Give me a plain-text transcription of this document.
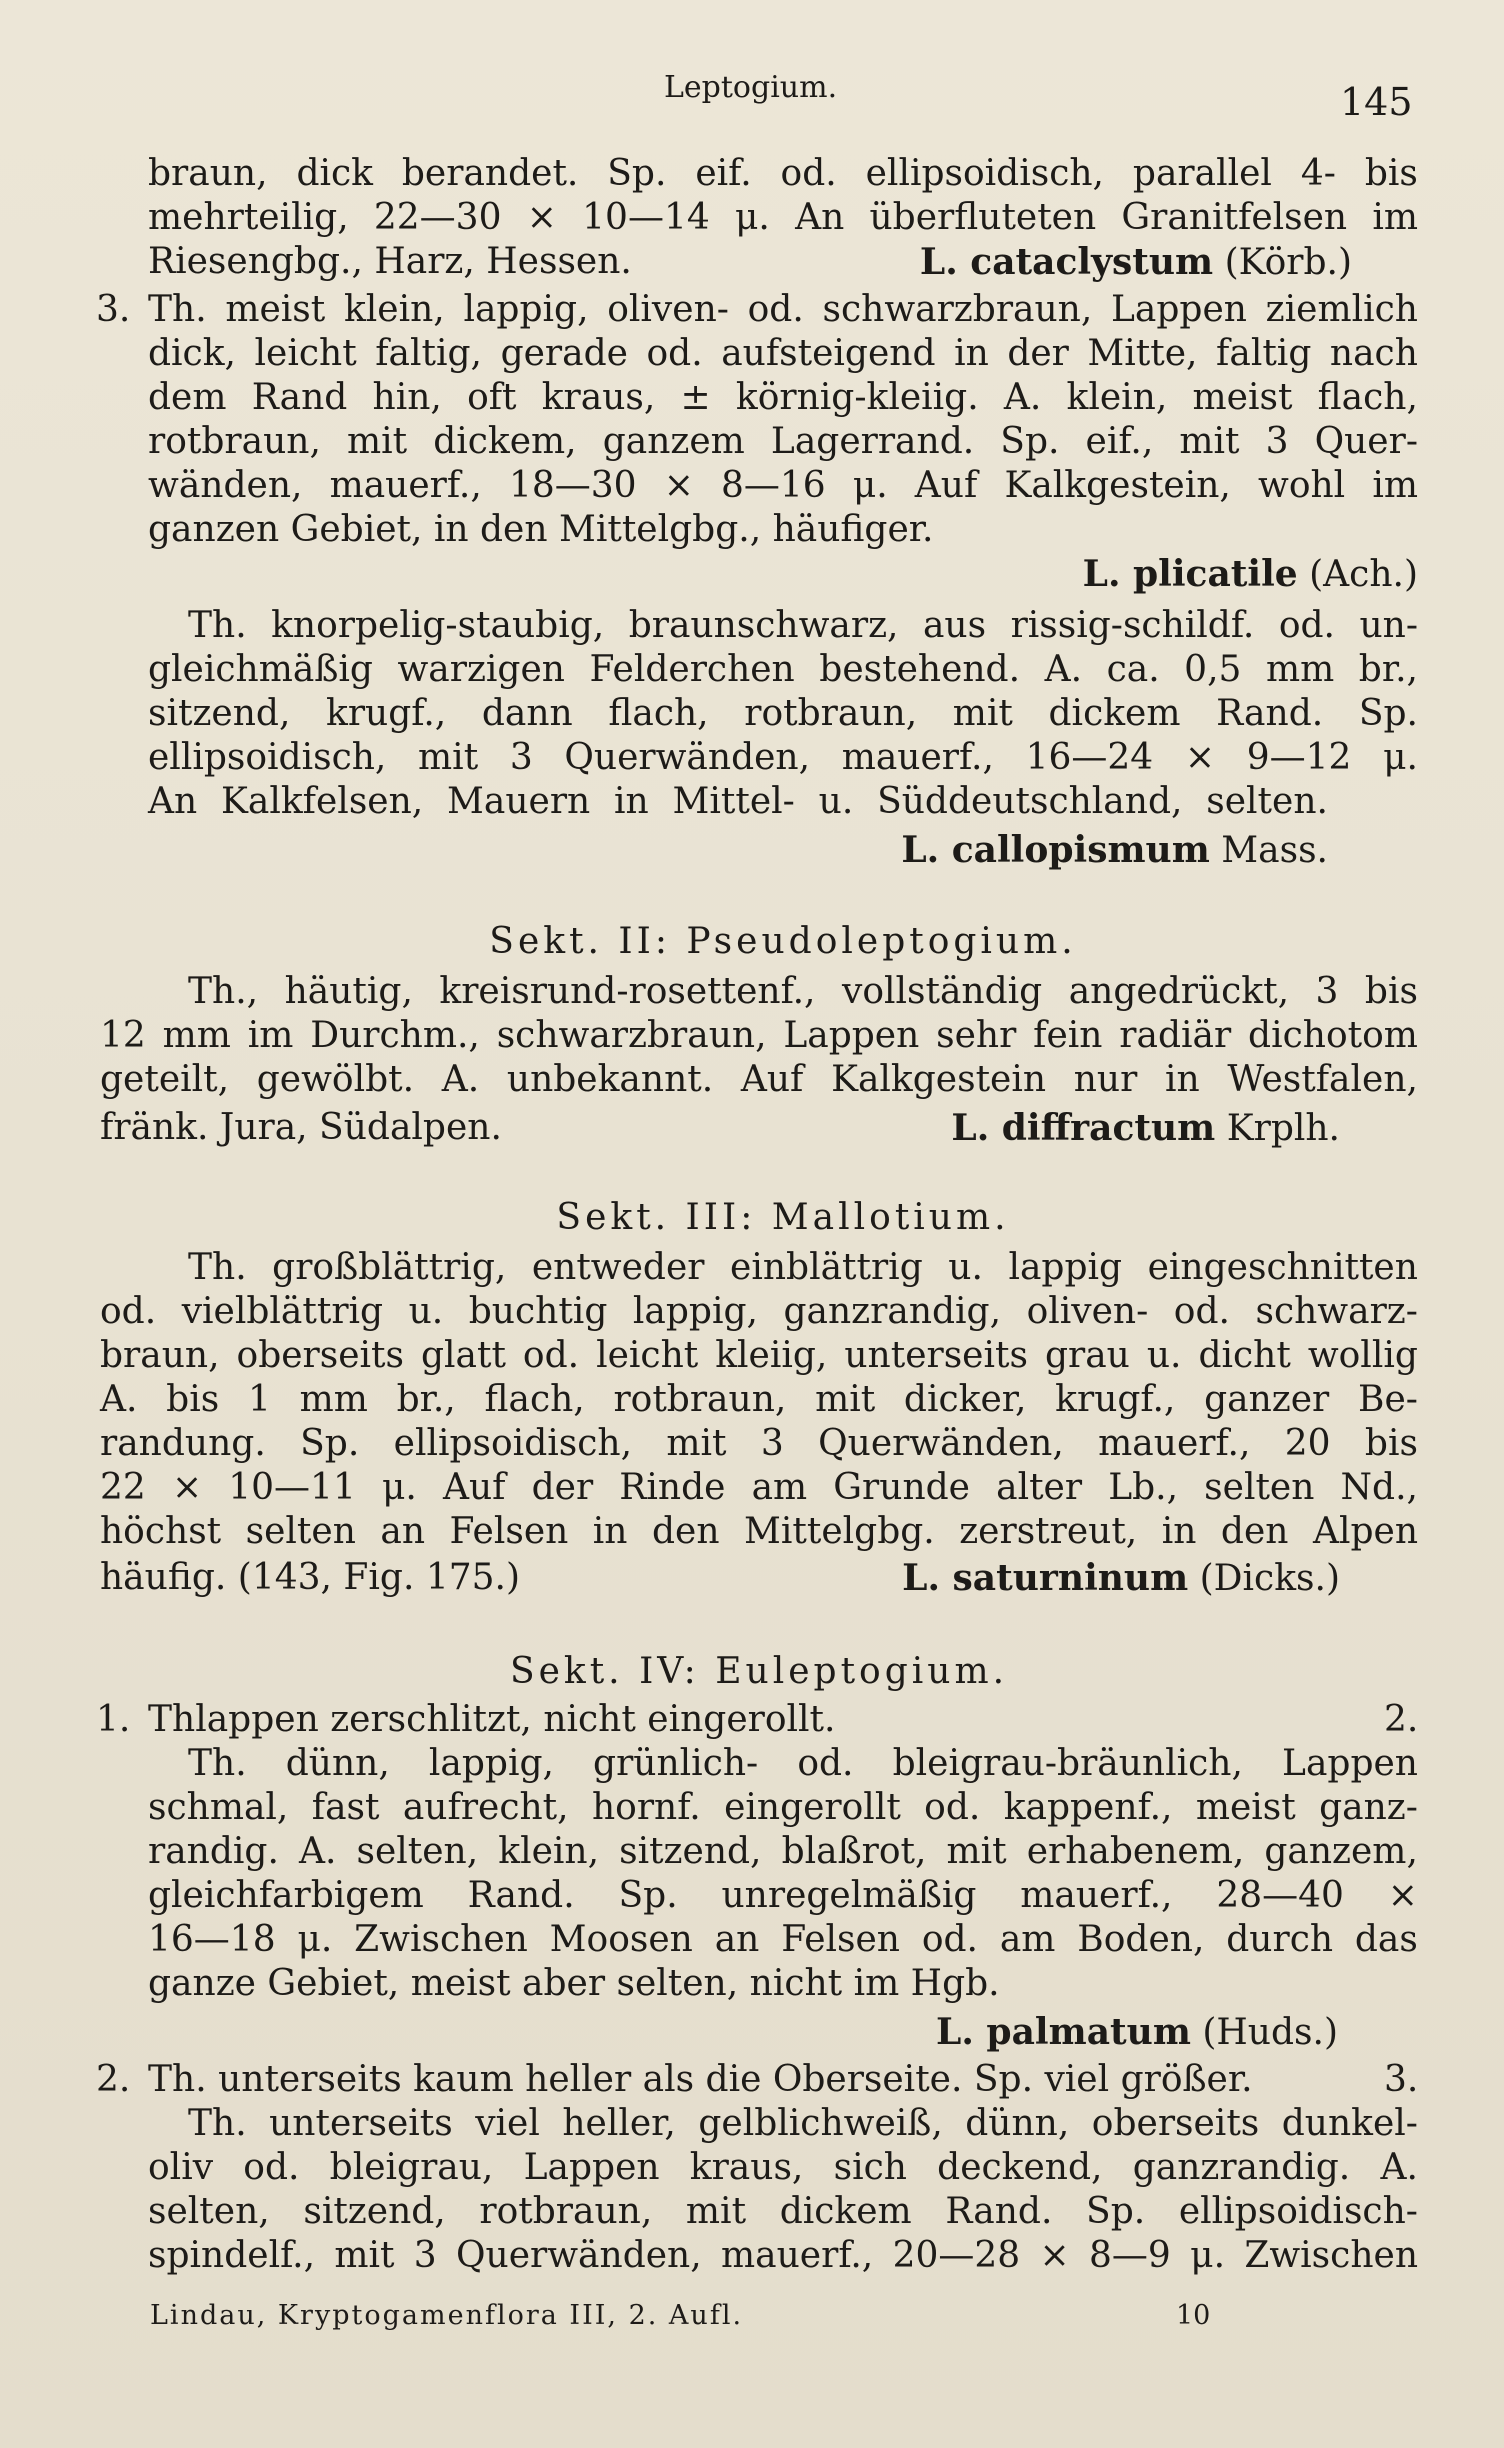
Leptogium.	145
braun, dick berandet. Sp. eif. od. ellipsoidisch, parallel 4- bis
mehrteilig, 22—30 × 10—14 μ. An überfluteten Granitfelsen im
Riesengbg., Harz, Hessen.	L. cataclystum (Körb.)
3. Th. meist klein, lappig, oliven- od. schwarzbraun, Lappen ziemlich
dick, leicht faltig, gerade od. aufsteigend in der Mitte, faltig nach
dem Rand hin, oft kraus, ± körnig-kleiig. A. klein, meist flach,
rotbraun, mit dickem, ganzem Lagerrand. Sp. eif., mit 3 Quer-
wänden, mauerf., 18—30 × 8—16 μ. Auf Kalkgestein, wohl im
ganzen Gebiet, in den Mittelgbg., häufiger.
L. plicatile (Ach.)
Th. knorpelig-staubig, braunschwarz, aus rissig-schildf. od. un-
gleichmäßig warzigen Felderchen bestehend. A. ca. 0,5 mm br.,
sitzend, krugf., dann flach, rotbraun, mit dickem Rand. Sp.
ellipsoidisch, mit 3 Querwänden, mauerf., 16—24 × 9—12 μ.
An Kalkfelsen, Mauern in Mittel- u. Süddeutschland, selten.
L. callopismum Mass.
Sekt. II: Pseudoleptogium.
Th., häutig, kreisrund-rosettenf., vollständig angedrückt, 3 bis
12 mm im Durchm., schwarzbraun, Lappen sehr fein radiär dichotom
geteilt, gewölbt. A. unbekannt. Auf Kalkgestein nur in Westfalen,
fränk. Jura, Südalpen.	L. diffractum Krplh.
Sekt. III: Mallotium.
Th. großblättrig, entweder einblättrig u. lappig eingeschnitten
od. vielblättrig u. buchtig lappig, ganzrandig, oliven- od. schwarz-
braun, oberseits glatt od. leicht kleiig, unterseits grau u. dicht wollig
A. bis 1 mm br., flach, rotbraun, mit dicker, krugf., ganzer Be-
randung. Sp. ellipsoidisch, mit 3 Querwänden, mauerf., 20 bis
22 × 10—11 μ. Auf der Rinde am Grunde alter Lb., selten Nd.,
höchst selten an Felsen in den Mittelgbg. zerstreut, in den Alpen
häufig. (143, Fig. 175.)	L. saturninum (Dicks.)
Sekt. IV: Euleptogium.
1. Thlappen zerschlitzt, nicht eingerollt.	2.
Th. dünn, lappig, grünlich- od. bleigrau-bräunlich, Lappen
schmal, fast aufrecht, hornf. eingerollt od. kappenf., meist ganz-
randig. A. selten, klein, sitzend, blaßrot, mit erhabenem, ganzem,
gleichfarbigem Rand. Sp. unregelmäßig mauerf., 28—40 ×
16—18 μ. Zwischen Moosen an Felsen od. am Boden, durch das
ganze Gebiet, meist aber selten, nicht im Hgb.
L. palmatum (Huds.)
2. Th. unterseits kaum heller als die Oberseite. Sp. viel größer.	3.
Th. unterseits viel heller, gelblichweiß, dünn, oberseits dunkel-
oliv od. bleigrau, Lappen kraus, sich deckend, ganzrandig. A.
selten, sitzend, rotbraun, mit dickem Rand. Sp. ellipsoidisch-
spindelf., mit 3 Querwänden, mauerf., 20—28 × 8—9 μ. Zwischen
Lindau, Kryptogamenflora III, 2. Aufl.	10
